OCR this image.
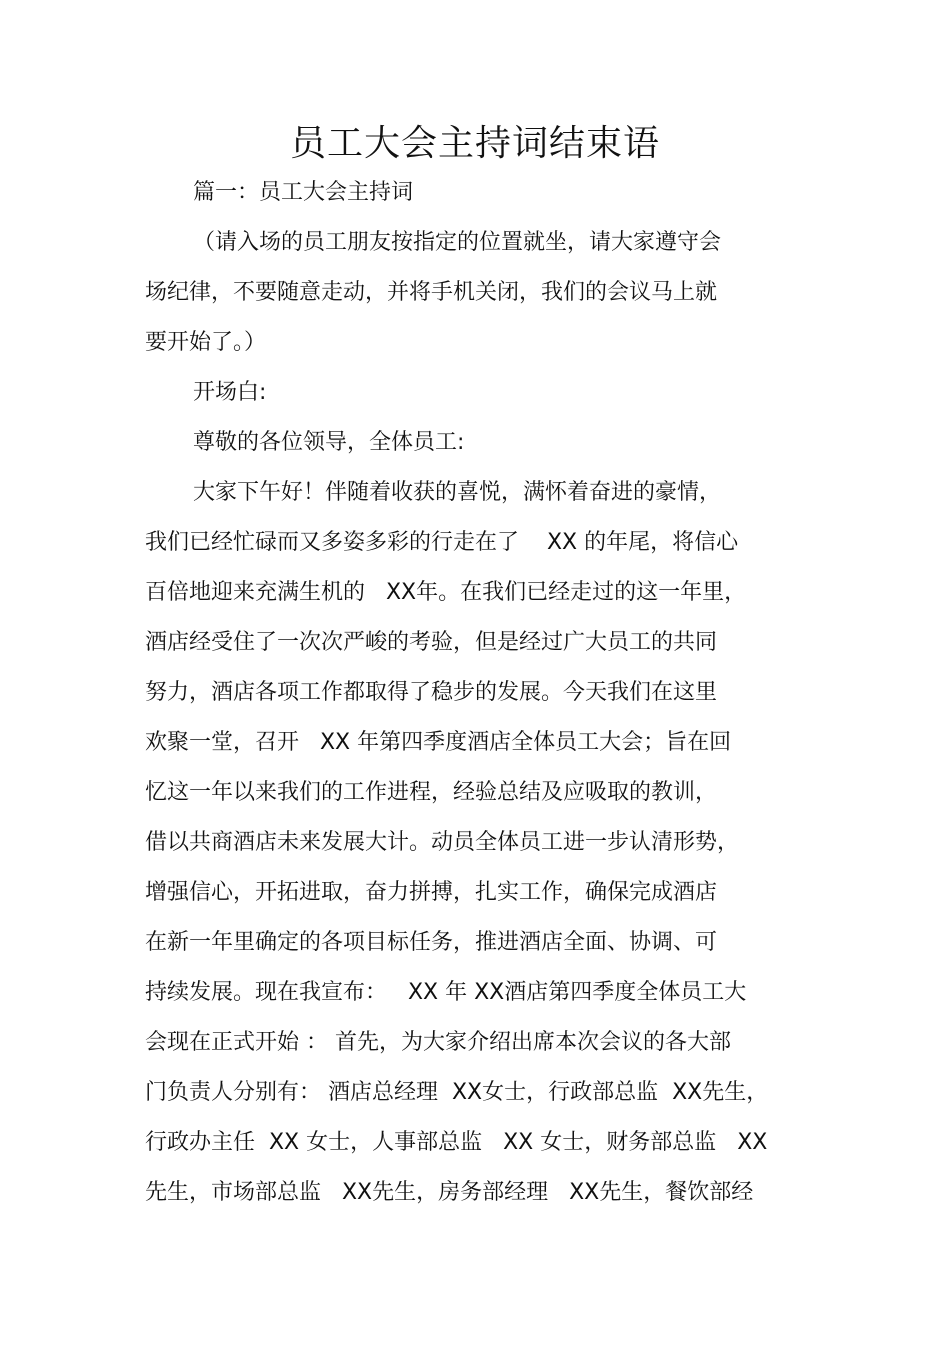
员工大会主持词结束语
篇一：员工大会主持词
（请入场的员工朋友按指定的位置就坐，请大家遵守会
场纪律，不要随意走动，并将手机关闭，我们的会议马上就
要开始了。）
开场白:
尊敬的各位领导，全体员工:
大家下午好！伴随着收获的喜悦，满怀着奋进的豪情，
我们已经忙碌而又多姿多彩的行走在了    XX 的年尾，将信心
百倍地迎来充满生机的   XX年。在我们已经走过的这一年里，
酒店经受住了一次次严峻的考验，但是经过广大员工的共同
努力，酒店各项工作都取得了稳步的发展。今天我们在这里
欢聚一堂，召开   XX 年第四季度酒店全体员工大会；旨在回
忆这一年以来我们的工作进程，经验总结及应吸取的教训，
借以共商酒店未来发展大计。动员全体员工进一步认清形势，
增强信心，开拓进取，奋力拼搏，扎实工作，确保完成酒店
在新一年里确定的各项目标任务，推进酒店全面、协调、可
持续发展。现在我宣布：   XX 年 XX酒店第四季度全体员工大
会现在正式开始 ： 首先，为大家介绍出席本次会议的各大部
门负责人分别有： 酒店总经理  XX女士，行政部总监  XX先生，
行政办主任  XX 女士，人事部总监   XX 女士，财务部总监   XX
先生，市场部总监   XX先生，房务部经理   XX先生，餐饮部经
